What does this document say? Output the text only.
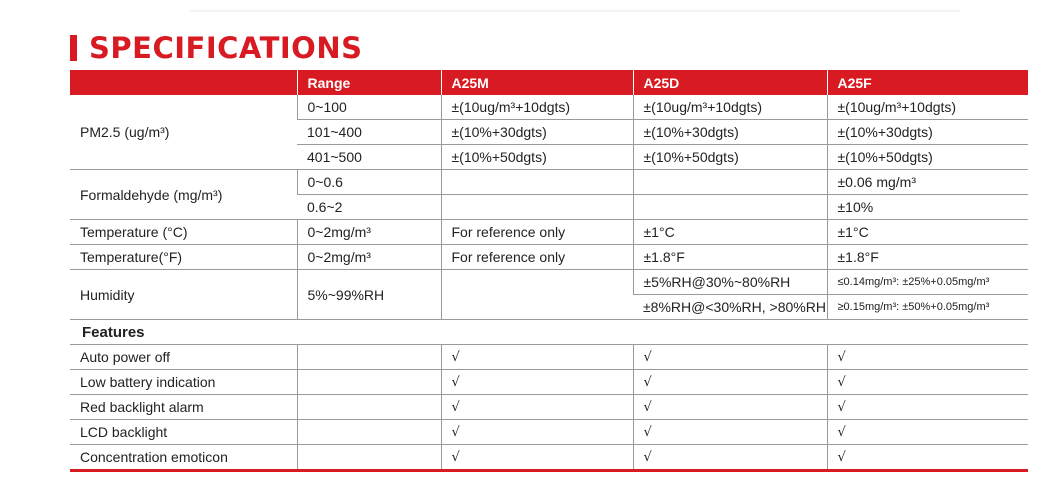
SPECIFICATIONS
	Range	A25M	A25D	A25F
PM2.5 (ug/m³)	0~100	±(10ug/m³+10dgts)	±(10ug/m³+10dgts)	±(10ug/m³+10dgts)
	101~400	±(10%+30dgts)	±(10%+30dgts)	±(10%+30dgts)
	401~500	±(10%+50dgts)	±(10%+50dgts)	±(10%+50dgts)
Formaldehyde (mg/m³)	0~0.6			±0.06 mg/m³
	0.6~2			±10%
Temperature (°C)	0~2mg/m³	For reference only	±1°C	±1°C
Temperature(°F)	0~2mg/m³	For reference only	±1.8°F	±1.8°F
Humidity	5%~99%RH		±5%RH@30%~80%RH	≤0.14mg/m³: ±25%+0.05mg/m³
			±8%RH@<30%RH, >80%RH	≥0.15mg/m³: ±50%+0.05mg/m³
Features				
Auto power off		√	√	√
Low battery indication		√	√	√
Red backlight alarm		√	√	√
LCD backlight		√	√	√
Concentration emoticon		√	√	√
